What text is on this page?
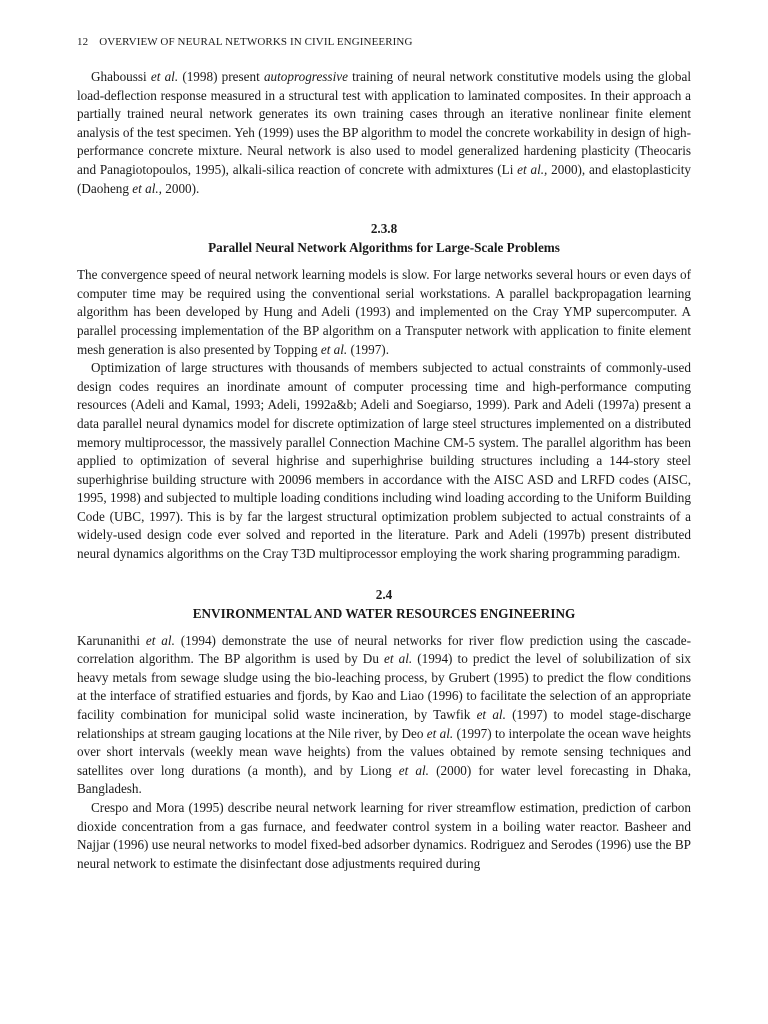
12 OVERVIEW OF NEURAL NETWORKS IN CIVIL ENGINEERING

Ghaboussi et al. (1998) present autoprogressive training of neural network constitutive models using the global load-deflection response measured in a structural test with application to laminated composites. In their approach a partially trained neural network generates its own training cases through an iterative nonlinear finite element analysis of the test specimen. Yeh (1999) uses the BP algorithm to model the concrete workability in design of high-performance concrete mixture. Neural network is also used to model generalized hardening plasticity (Theocaris and Panagiotopoulos, 1995), alkali-silica reaction of concrete with admixtures (Li et al., 2000), and elastoplasticity (Daoheng et al., 2000).

2.3.8
Parallel Neural Network Algorithms for Large-Scale Problems

The convergence speed of neural network learning models is slow. For large networks several hours or even days of computer time may be required using the conventional serial workstations. A parallel backpropagation learning algorithm has been developed by Hung and Adeli (1993) and implemented on the Cray YMP supercomputer. A parallel processing implementation of the BP algorithm on a Transputer network with application to finite element mesh generation is also presented by Topping et al. (1997).

Optimization of large structures with thousands of members subjected to actual constraints of commonly-used design codes requires an inordinate amount of computer processing time and high-performance computing resources (Adeli and Kamal, 1993; Adeli, 1992a&b; Adeli and Soegiarso, 1999). Park and Adeli (1997a) present a data parallel neural dynamics model for discrete optimization of large steel structures implemented on a distributed memory multiprocessor, the massively parallel Connection Machine CM-5 system. The parallel algorithm has been applied to optimization of several highrise and superhighrise building structures including a 144-story steel superhighrise building structure with 20096 members in accordance with the AISC ASD and LRFD codes (AISC, 1995, 1998) and subjected to multiple loading conditions including wind loading according to the Uniform Building Code (UBC, 1997). This is by far the largest structural optimization problem subjected to actual constraints of a widely-used design code ever solved and reported in the literature. Park and Adeli (1997b) present distributed neural dynamics algorithms on the Cray T3D multiprocessor employing the work sharing programming paradigm.

2.4
ENVIRONMENTAL AND WATER RESOURCES ENGINEERING

Karunanithi et al. (1994) demonstrate the use of neural networks for river flow prediction using the cascade-correlation algorithm. The BP algorithm is used by Du et al. (1994) to predict the level of solubilization of six heavy metals from sewage sludge using the bio-leaching process, by Grubert (1995) to predict the flow conditions at the interface of stratified estuaries and fjords, by Kao and Liao (1996) to facilitate the selection of an appropriate facility combination for municipal solid waste incineration, by Tawfik et al. (1997) to model stage-discharge relationships at stream gauging locations at the Nile river, by Deo et al. (1997) to interpolate the ocean wave heights over short intervals (weekly mean wave heights) from the values obtained by remote sensing techniques and satellites over long durations (a month), and by Liong et al. (2000) for water level forecasting in Dhaka, Bangladesh.

Crespo and Mora (1995) describe neural network learning for river streamflow estimation, prediction of carbon dioxide concentration from a gas furnace, and feedwater control system in a boiling water reactor. Basheer and Najjar (1996) use neural networks to model fixed-bed adsorber dynamics. Rodriguez and Serodes (1996) use the BP neural network to estimate the disinfectant dose adjustments required during
